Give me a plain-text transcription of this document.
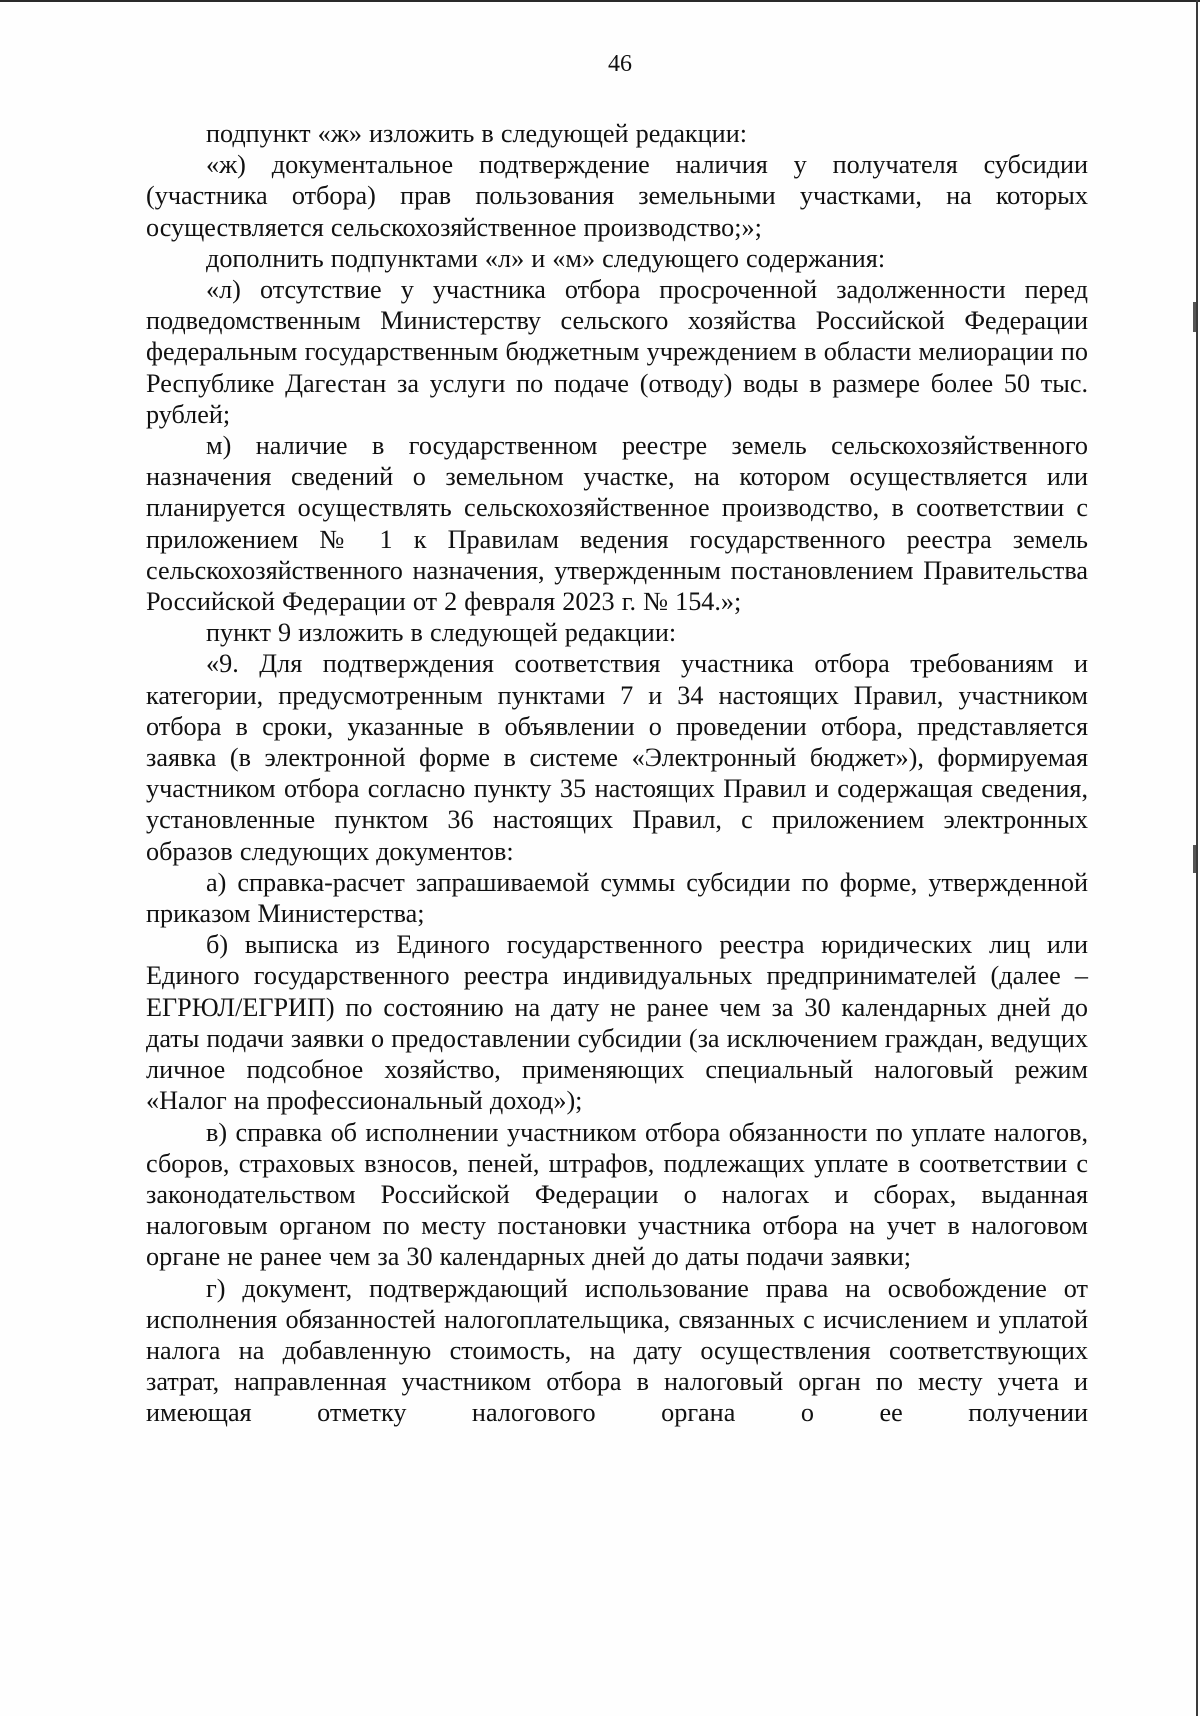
46

подпункт «ж» изложить в следующей редакции:

«ж) документальное подтверждение наличия у получателя субсидии (участника отбора) прав пользования земельными участками, на которых осуществляется сельскохозяйственное производство;»;

дополнить подпунктами «л» и «м» следующего содержания:

«л) отсутствие у участника отбора просроченной задолженности перед подведомственным Министерству сельского хозяйства Российской Федерации федеральным государственным бюджетным учреждением в области мелиорации по Республике Дагестан за услуги по подаче (отводу) воды в размере более 50 тыс. рублей;

м) наличие в государственном реестре земель сельскохозяйственного назначения сведений о земельном участке, на котором осуществляется или планируется осуществлять сельскохозяйственное производство, в соответствии с приложением № 1 к Правилам ведения государственного реестра земель сельскохозяйственного назначения, утвержденным постановлением Правительства Российской Федерации от 2 февраля 2023 г. № 154.»;

пункт 9 изложить в следующей редакции:

«9. Для подтверждения соответствия участника отбора требованиям и категории, предусмотренным пунктами 7 и 34 настоящих Правил, участником отбора в сроки, указанные в объявлении о проведении отбора, представляется заявка (в электронной форме в системе «Электронный бюджет»), формируемая участником отбора согласно пункту 35 настоящих Правил и содержащая сведения, установленные пунктом 36 настоящих Правил, с приложением электронных образов следующих документов:

а) справка-расчет запрашиваемой суммы субсидии по форме, утвержденной приказом Министерства;

б) выписка из Единого государственного реестра юридических лиц или Единого государственного реестра индивидуальных предпринимателей (далее – ЕГРЮЛ/ЕГРИП) по состоянию на дату не ранее чем за 30 календарных дней до даты подачи заявки о предоставлении субсидии (за исключением граждан, ведущих личное подсобное хозяйство, применяющих специальный налоговый режим «Налог на профессиональный доход»);

в) справка об исполнении участником отбора обязанности по уплате налогов, сборов, страховых взносов, пеней, штрафов, подлежащих уплате в соответствии с законодательством Российской Федерации о налогах и сборах, выданная налоговым органом по месту постановки участника отбора на учет в налоговом органе не ранее чем за 30 календарных дней до даты подачи заявки;

г) документ, подтверждающий использование права на освобождение от исполнения обязанностей налогоплательщика, связанных с исчислением и уплатой налога на добавленную стоимость, на дату осуществления соответствующих затрат, направленная участником отбора в налоговый орган по месту учета и имеющая отметку налогового органа о ее получении
